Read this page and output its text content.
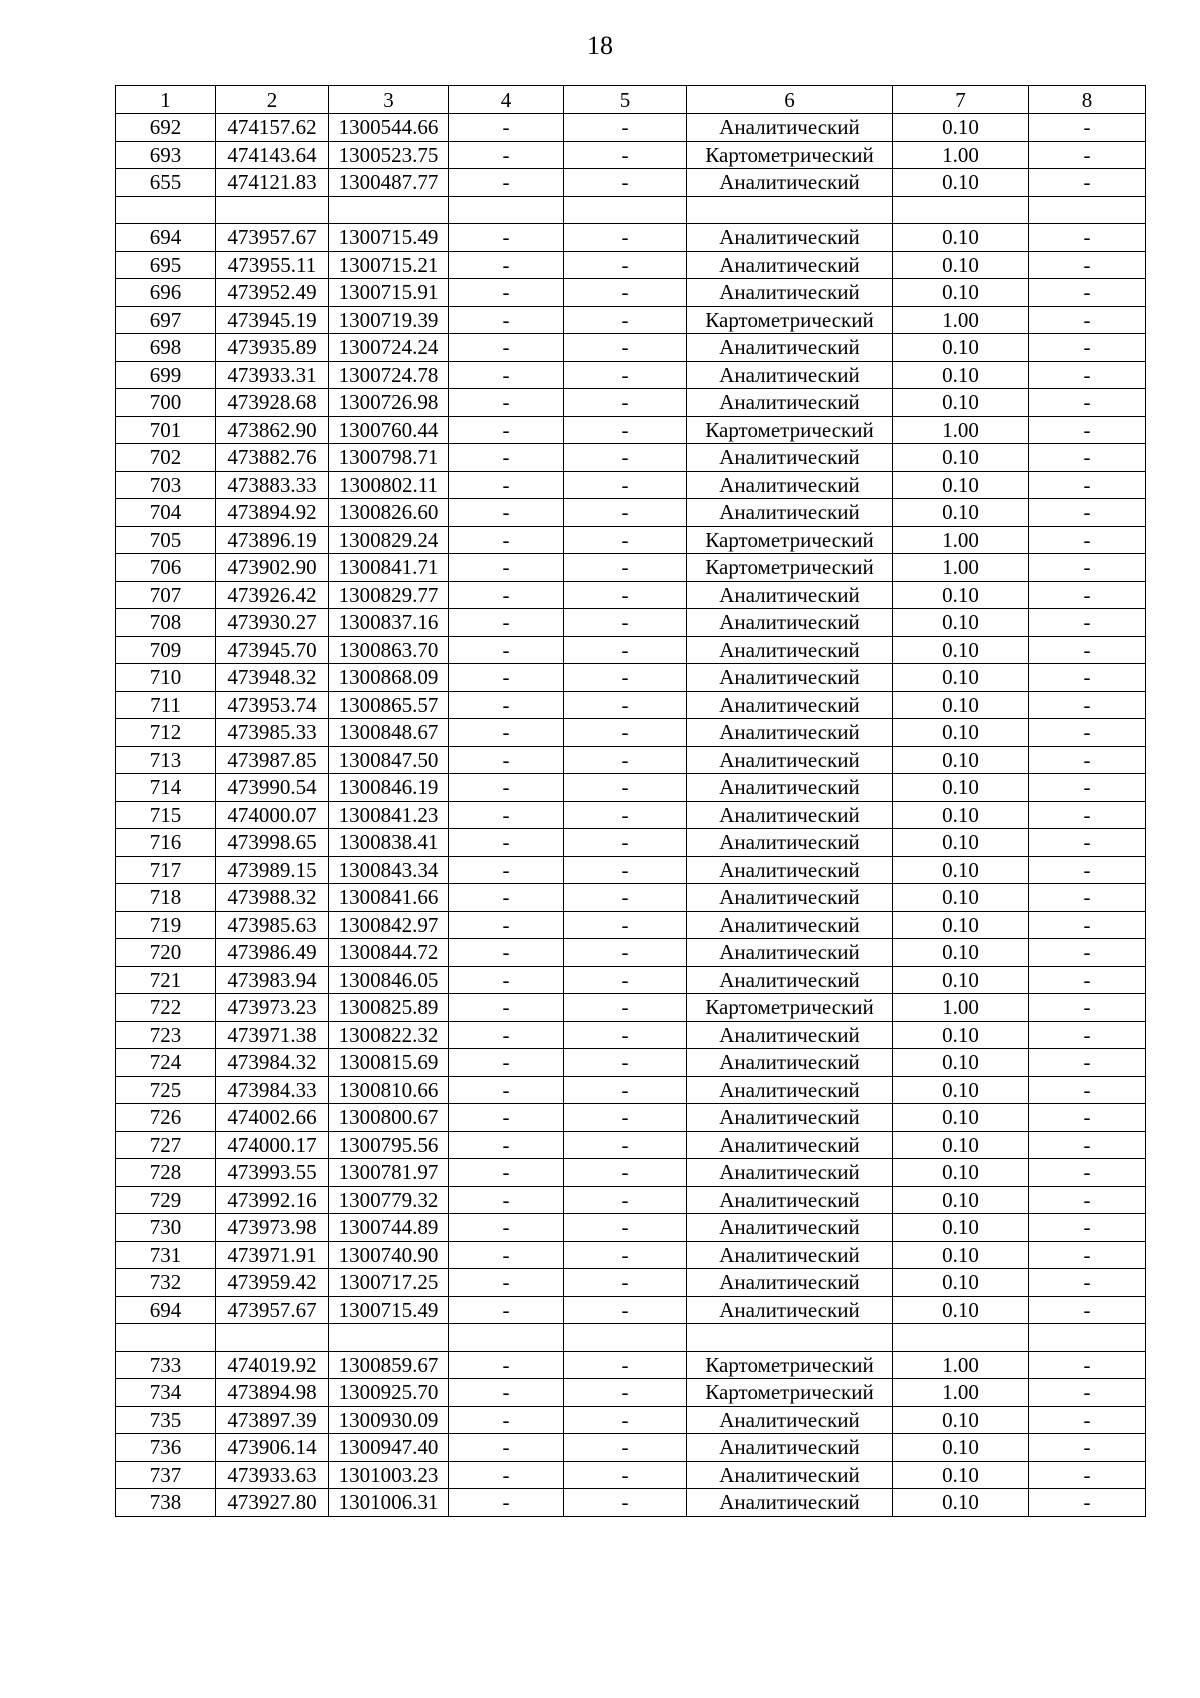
18
1	2	3	4	5	6	7	8
692	474157.62	1300544.66	-	-	Аналитический	0.10	-
693	474143.64	1300523.75	-	-	Картометрический	1.00	-
655	474121.83	1300487.77	-	-	Аналитический	0.10	-

694	473957.67	1300715.49	-	-	Аналитический	0.10	-
695	473955.11	1300715.21	-	-	Аналитический	0.10	-
696	473952.49	1300715.91	-	-	Аналитический	0.10	-
697	473945.19	1300719.39	-	-	Картометрический	1.00	-
698	473935.89	1300724.24	-	-	Аналитический	0.10	-
699	473933.31	1300724.78	-	-	Аналитический	0.10	-
700	473928.68	1300726.98	-	-	Аналитический	0.10	-
701	473862.90	1300760.44	-	-	Картометрический	1.00	-
702	473882.76	1300798.71	-	-	Аналитический	0.10	-
703	473883.33	1300802.11	-	-	Аналитический	0.10	-
704	473894.92	1300826.60	-	-	Аналитический	0.10	-
705	473896.19	1300829.24	-	-	Картометрический	1.00	-
706	473902.90	1300841.71	-	-	Картометрический	1.00	-
707	473926.42	1300829.77	-	-	Аналитический	0.10	-
708	473930.27	1300837.16	-	-	Аналитический	0.10	-
709	473945.70	1300863.70	-	-	Аналитический	0.10	-
710	473948.32	1300868.09	-	-	Аналитический	0.10	-
711	473953.74	1300865.57	-	-	Аналитический	0.10	-
712	473985.33	1300848.67	-	-	Аналитический	0.10	-
713	473987.85	1300847.50	-	-	Аналитический	0.10	-
714	473990.54	1300846.19	-	-	Аналитический	0.10	-
715	474000.07	1300841.23	-	-	Аналитический	0.10	-
716	473998.65	1300838.41	-	-	Аналитический	0.10	-
717	473989.15	1300843.34	-	-	Аналитический	0.10	-
718	473988.32	1300841.66	-	-	Аналитический	0.10	-
719	473985.63	1300842.97	-	-	Аналитический	0.10	-
720	473986.49	1300844.72	-	-	Аналитический	0.10	-
721	473983.94	1300846.05	-	-	Аналитический	0.10	-
722	473973.23	1300825.89	-	-	Картометрический	1.00	-
723	473971.38	1300822.32	-	-	Аналитический	0.10	-
724	473984.32	1300815.69	-	-	Аналитический	0.10	-
725	473984.33	1300810.66	-	-	Аналитический	0.10	-
726	474002.66	1300800.67	-	-	Аналитический	0.10	-
727	474000.17	1300795.56	-	-	Аналитический	0.10	-
728	473993.55	1300781.97	-	-	Аналитический	0.10	-
729	473992.16	1300779.32	-	-	Аналитический	0.10	-
730	473973.98	1300744.89	-	-	Аналитический	0.10	-
731	473971.91	1300740.90	-	-	Аналитический	0.10	-
732	473959.42	1300717.25	-	-	Аналитический	0.10	-
694	473957.67	1300715.49	-	-	Аналитический	0.10	-

733	474019.92	1300859.67	-	-	Картометрический	1.00	-
734	473894.98	1300925.70	-	-	Картометрический	1.00	-
735	473897.39	1300930.09	-	-	Аналитический	0.10	-
736	473906.14	1300947.40	-	-	Аналитический	0.10	-
737	473933.63	1301003.23	-	-	Аналитический	0.10	-
738	473927.80	1301006.31	-	-	Аналитический	0.10	-
